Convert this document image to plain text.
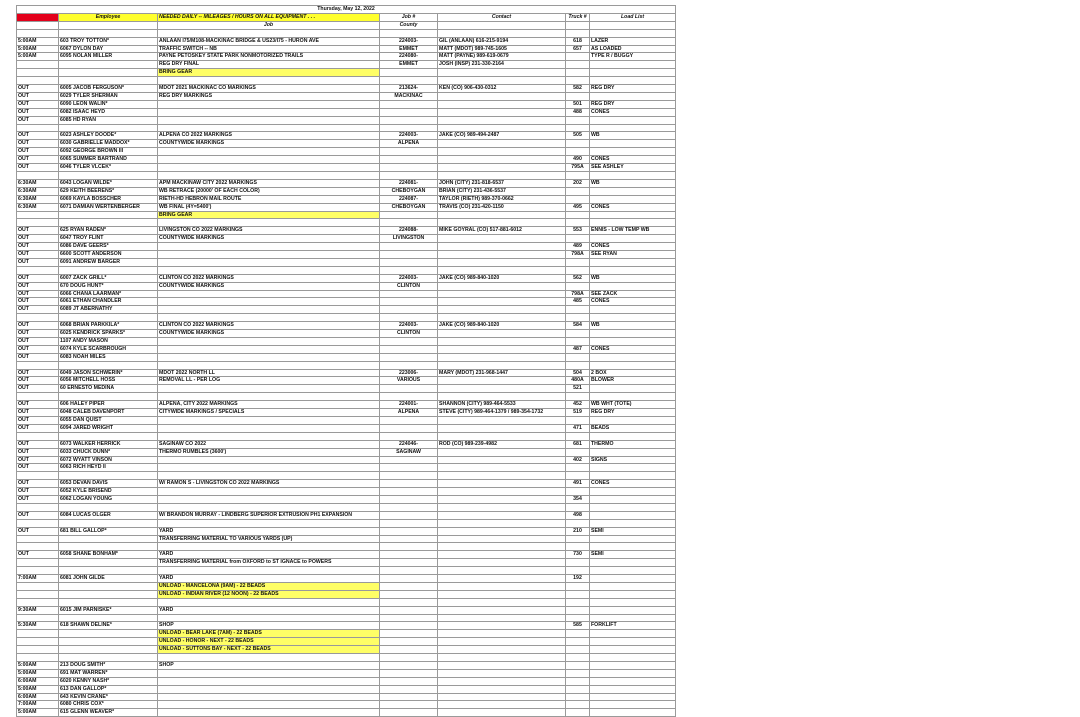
Thursday, May 12, 2022						
TIME	Employee	NEEDED DAILY -- MILEAGES / HOURS ON ALL EQUIPMENT . . .	Job #	Contact	Truck #	Load List
		Job	County			

5:00AM	603 TROY TOTTON*	ANLAAN I75/M108-MACKINAC BRIDGE & US23/I75 - HURON AVE	224003-	GIL (ANLAAN) 616-215-9194	618	LAZER
5:00AM	6067 DYLON DAY	TRAFFIC SWITCH -- NB	EMMET	MATT (MDOT) 989-745-1605	657	AS LOADED
5:00AM	6095 NOLAN MILLER	PAYNE PETOSKEY STATE PARK NONMOTORIZED TRAILS	224080-	MATT (PAYNE) 989-619-0679		TYPE R / BUGGY
		REG DRY FINAL	EMMET	JOSH (INSP) 231-330-2164		
		BRING GEAR				

OUT	6005 JACOB FERGUSON*	MDOT 2021 MACKINAC CO MARKINGS	213624-	KEN (CO) 906-430-0312	582	REG DRY
OUT	6029 TYLER SHERMAN	REG DRY MARKINGS	MACKINAC			
OUT	6090 LEON WALIN*				501	REG DRY
OUT	6082 ISAAC HEYD				488	CONES
OUT	6085 HD RYAN					

OUT	6023 ASHLEY DOODE*	ALPENA CO 2022 MARKINGS	224003-	JAKE (CO) 989-494-2487	505	WB
OUT	6030 GABRIELLE MADDOX*	COUNTYWIDE MARKINGS	ALPENA			
OUT	6092 GEORGE BROWN III					
OUT	6065 SUMMER BARTRAND				490	CONES
OUT	6046 TYLER VLCEK*				795A	SEE ASHLEY

6:30AM	6043 LOGAN WILDE*	APM MACKINAW CITY 2022 MARKINGS	224081-	JOHN (CITY) 231-818-6537	202	WB
6:30AM	629 KEITH BEERENS*	WB RETRACE (20000' OF EACH COLOR)	CHEBOYGAN	BRIAN (CITY) 231-436-5537		
6:30AM	6069 KAYLA BOSSCHER	RIETH-HD HEBRON MAIL ROUTE	224087-	TAYLOR (RIETH) 989-370-0662		
6:30AM	6071 DAMIAN WERTENBERGER	WB FINAL (4Y=5400')	CHEBOYGAN	TRAVIS (CO) 231-420-1150	495	CONES
		BRING GEAR				

OUT	625 RYAN RADEN*	LIVINGSTON CO 2022 MARKINGS	224088-	MIKE GOYRAL (CO) 517-881-6012	553	ENNIS - LOW TEMP WB
OUT	6047 TROY FLINT	COUNTYWIDE MARKINGS	LIVINGSTON			
OUT	6086 DAVE GEERS*				489	CONES
OUT	6600 SCOTT ANDERSON				798A	SEE RYAN
OUT	6091 ANDREW BARGER					

OUT	6007 ZACK GRILL*	CLINTON CO 2022 MARKINGS	224003-	JAKE (CO) 989-840-1020	562	WB
OUT	670 DOUG HUNT*	COUNTYWIDE MARKINGS	CLINTON			
OUT	6066 CHANA LAARMAN*				798A	SEE ZACK
OUT	6061 ETHAN CHANDLER				485	CONES
OUT	6089 JT ABERNATHY					

OUT	6068 BRIAN PARKKILA*	CLINTON CO 2022 MARKINGS	224003-	JAKE (CO) 989-840-1020	584	WB
OUT	6025 KENDRICK SPARKS*	COUNTYWIDE MARKINGS	CLINTON			
OUT	1107 ANDY MASON					
OUT	6074 KYLE SCARBROUGH				487	CONES
OUT	6083 NOAH MILES					

OUT	6049 JASON SCHWERIN*	MDOT 2022 NORTH LL	223006-	MARY (MDOT) 231-968-1447	504	2 BOX
OUT	6056 MITCHELL HOSS	REMOVAL LL - PER LOG	VARIOUS		480A	BLOWER
OUT	60 ERNESTO MEDINA				521	

OUT	606 HALEY PIPER	ALPENA, CITY 2022 MARKINGS	224001-	SHANNON (CITY) 989-464-5533	452	WB WHT (TOTE)
OUT	6048 CALEB DAVENPORT	CITYWIDE MARKINGS / SPECIALS	ALPENA	STEVE (CITY) 989-464-1379 / 989-354-1732	519	REG DRY
OUT	6055 DAN QUIST					
OUT	6094 JARED WRIGHT				471	BEADS

OUT	6073 WALKER HERRICK	SAGINAW CO 2022	224046-	ROD (CO) 989-239-4982	681	THERMO
OUT	6033 CHUCK DUNN*	THERMO RUMBLES (3600')	SAGINAW			
OUT	6072 WYATT VINSON				402	SIGNS
OUT	6063 RICH HEYD II					

OUT	6053 DEVAN DAVIS	W/ RAMON S - LIVINGSTON CO 2022 MARKINGS			491	CONES
OUT	6052 KYLE BRISEND					
OUT	6062 LOGAN YOUNG				354	

OUT	6084 LUCAS OLGER	W/ BRANDON MURRAY - LINDBERG SUPERIOR EXTRUSION PH1 EXPANSION			498	

OUT	681 BILL GALLOP*	YARD			210	SEMI
		TRANSFERRING MATERIAL TO VARIOUS YARDS (UP)				

OUT	6058 SHANE BONHAM*	YARD			730	SEMI
		TRANSFERRING MATERIAL from OXFORD to ST IGNACE to POWERS				

7:00AM	6081 JOHN GILDE	YARD			192	
		UNLOAD - MANCELONA (9AM) - 22 BEADS				
		UNLOAD - INDIAN RIVER (12 NOON) - 22 BEADS				

9:30AM	6015 JIM PARNISKE*	YARD				

5:30AM	618 SHAWN DELINE*	SHOP			585	FORKLIFT
		UNLOAD - BEAR LAKE (7AM) - 22 BEADS				
		UNLOAD - HONOR - NEXT - 22 BEADS				
		UNLOAD - SUTTONS BAY - NEXT - 22 BEADS				

5:00AM	213 DOUG SMITH*	SHOP				
5:00AM	691 MAT WARREN*					
6:00AM	6020 KENNY NASH*					
5:00AM	613 DAN GALLOP*					
6:00AM	643 KEVIN CRANE*					
7:00AM	6080 CHRIS COX*					
5:00AM	615 GLENN WEAVER*					
